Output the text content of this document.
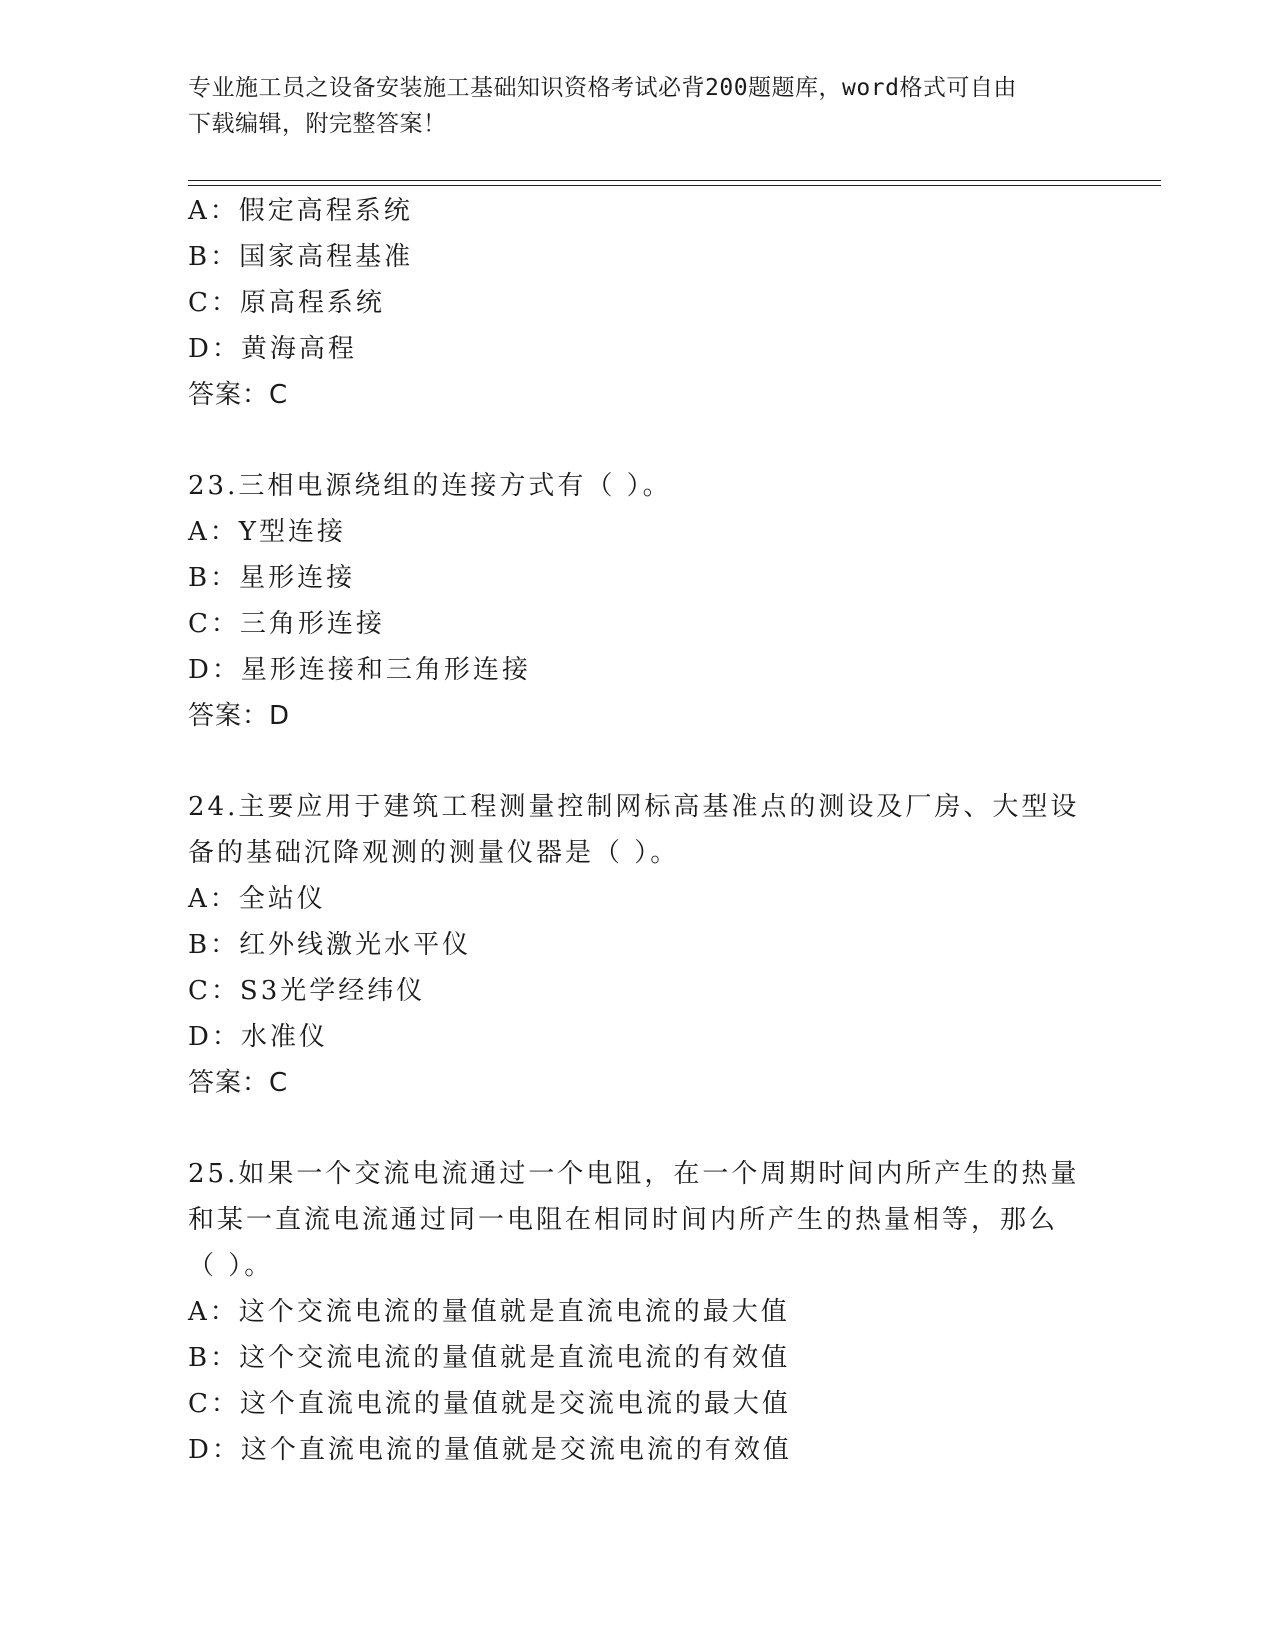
专业施工员之设备安装施工基础知识资格考试必背200题题库，word格式可自由
下载编辑，附完整答案！
A：假定高程系统
B：国家高程基准
C：原高程系统
D：黄海高程
答案：C
23.三相电源绕组的连接方式有（ ）。
A：Y型连接
B：星形连接
C：三角形连接
D：星形连接和三角形连接
答案：D
24.主要应用于建筑工程测量控制网标高基准点的测设及厂房、大型设
备的基础沉降观测的测量仪器是（ ）。
A：全站仪
B：红外线激光水平仪
C：S3光学经纬仪
D：水准仪
答案：C
25.如果一个交流电流通过一个电阻，在一个周期时间内所产生的热量
和某一直流电流通过同一电阻在相同时间内所产生的热量相等，那么
（ ）。
A：这个交流电流的量值就是直流电流的最大值
B：这个交流电流的量值就是直流电流的有效值
C：这个直流电流的量值就是交流电流的最大值
D：这个直流电流的量值就是交流电流的有效值
